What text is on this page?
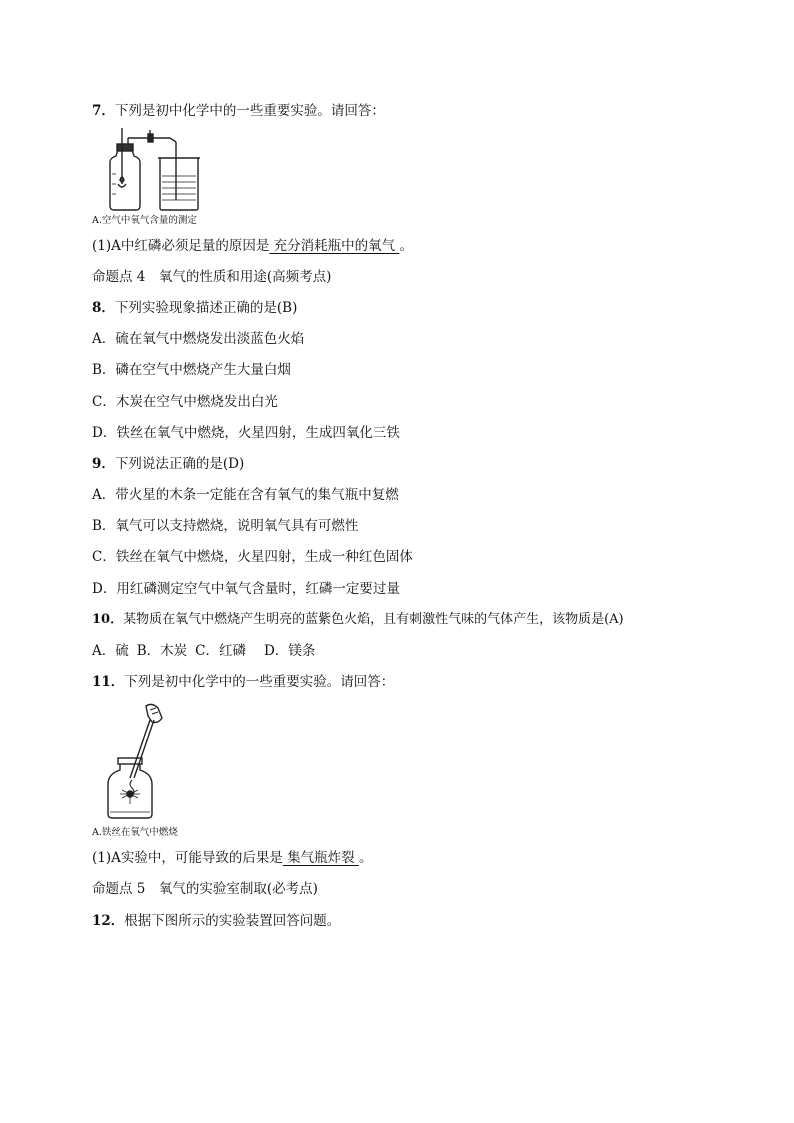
7．下列是初中化学中的一些重要实验。请回答：
A.空气中氧气含量的测定
(1)A中红磷必须足量的原因是 充分消耗瓶中的氧气 。
命题点 4　氧气的性质和用途(高频考点)
8．下列实验现象描述正确的是(B)
A．硫在氧气中燃烧发出淡蓝色火焰
B．磷在空气中燃烧产生大量白烟
C．木炭在空气中燃烧发出白光
D．铁丝在氧气中燃烧，火星四射，生成四氧化三铁
9．下列说法正确的是(D)
A．带火星的木条一定能在含有氧气的集气瓶中复燃
B．氧气可以支持燃烧，说明氧气具有可燃性
C．铁丝在氧气中燃烧，火星四射，生成一种红色固体
D．用红磷测定空气中氧气含量时，红磷一定要过量
10．某物质在氧气中燃烧产生明亮的蓝紫色火焰，且有刺激性气味的气体产生，该物质是(A)
A．硫 B．木炭 C．红磷 D．镁条
11．下列是初中化学中的一些重要实验。请回答：
A.铁丝在氧气中燃烧
(1)A实验中，可能导致的后果是 集气瓶炸裂 。
命题点 5　氧气的实验室制取(必考点)
12．根据下图所示的实验装置回答问题。
